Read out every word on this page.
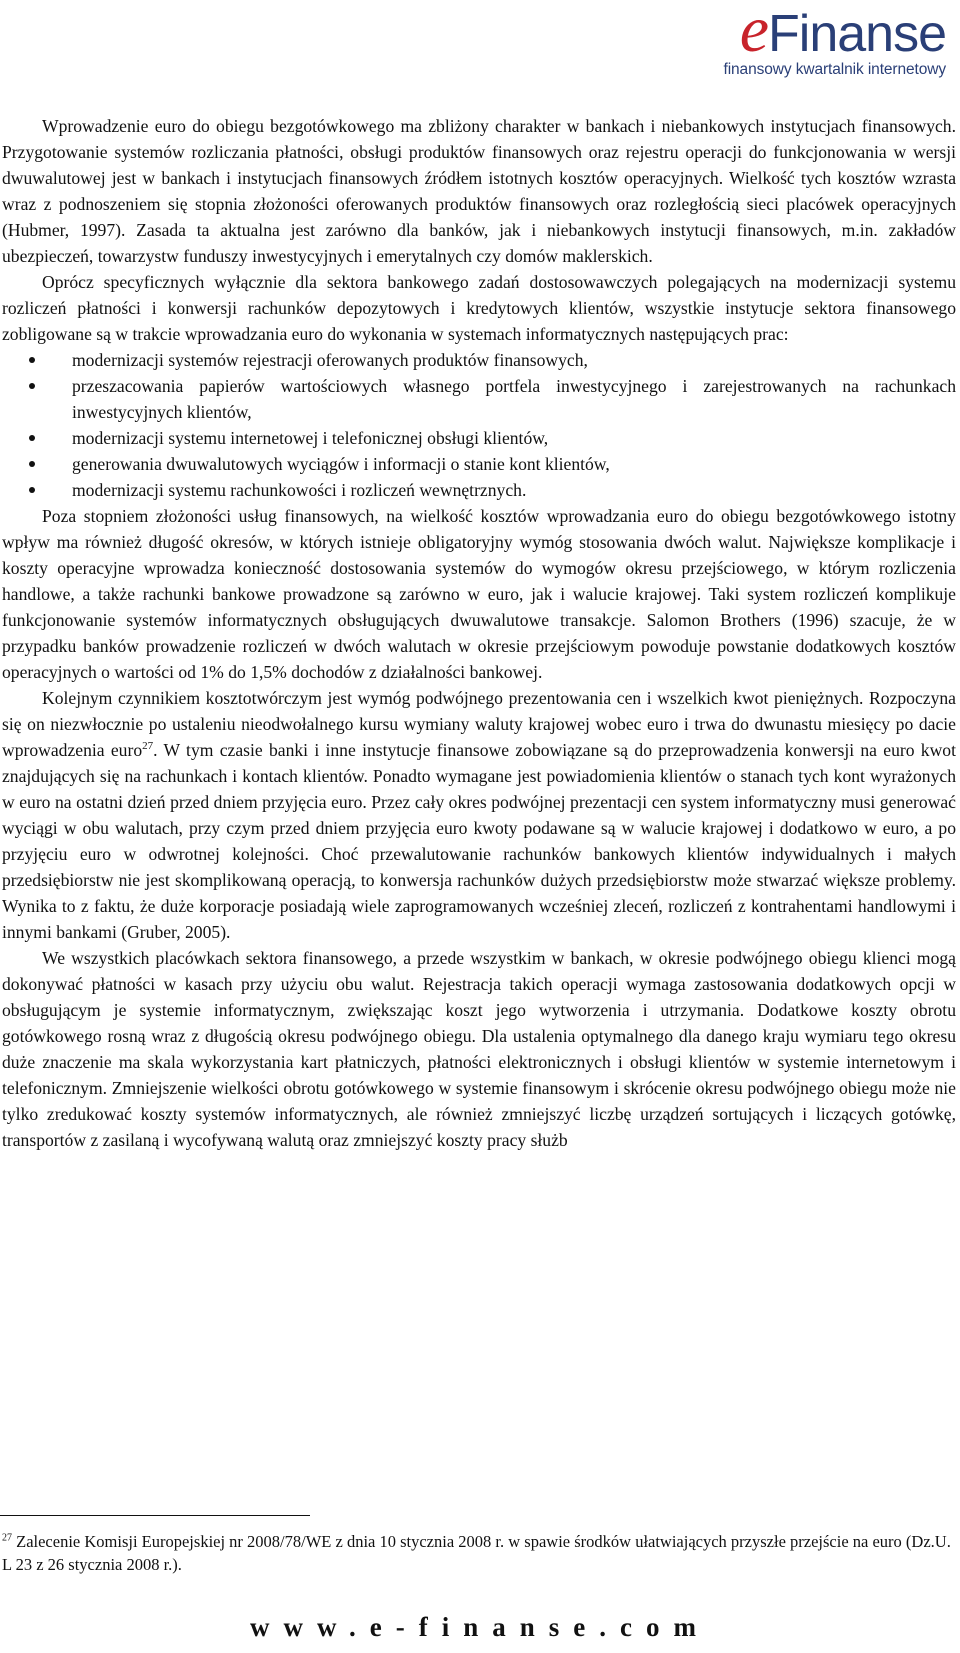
eFinanse
finansowy kwartalnik internetowy

Wprowadzenie euro do obiegu bezgotówkowego ma zbliżony charakter w bankach i niebankowych instytucjach finansowych. Przygotowanie systemów rozliczania płatności, obsługi produktów finansowych oraz rejestru operacji do funkcjonowania w wersji dwuwalutowej jest w bankach i instytucjach finansowych źródłem istotnych kosztów operacyjnych. Wielkość tych kosztów wzrasta wraz z podnoszeniem się stopnia złożoności oferowanych produktów finansowych oraz rozległością sieci placówek operacyjnych (Hubmer, 1997). Zasada ta aktualna jest zarówno dla banków, jak i niebankowych instytucji finansowych, m.in. zakładów ubezpieczeń, towarzystw funduszy inwestycyjnych i emerytalnych czy domów maklerskich.

Oprócz specyficznych wyłącznie dla sektora bankowego zadań dostosowawczych polegających na modernizacji systemu rozliczeń płatności i konwersji rachunków depozytowych i kredytowych klientów, wszystkie instytucje sektora finansowego zobligowane są w trakcie wprowadzania euro do wykonania w systemach informatycznych następujących prac:

modernizacji systemów rejestracji oferowanych produktów finansowych,
przeszacowania papierów wartościowych własnego portfela inwestycyjnego i zarejestrowanych na rachunkach inwestycyjnych klientów,
modernizacji systemu internetowej i telefonicznej obsługi klientów,
generowania dwuwalutowych wyciągów i informacji o stanie kont klientów,
modernizacji systemu rachunkowości i rozliczeń wewnętrznych.

Poza stopniem złożoności usług finansowych, na wielkość kosztów wprowadzania euro do obiegu bezgotówkowego istotny wpływ ma również długość okresów, w których istnieje obligatoryjny wymóg stosowania dwóch walut. Największe komplikacje i koszty operacyjne wprowadza konieczność dostosowania systemów do wymogów okresu przejściowego, w którym rozliczenia handlowe, a także rachunki bankowe prowadzone są zarówno w euro, jak i walucie krajowej. Taki system rozliczeń komplikuje funkcjonowanie systemów informatycznych obsługujących dwuwalutowe transakcje. Salomon Brothers (1996) szacuje, że w przypadku banków prowadzenie rozliczeń w dwóch walutach w okresie przejściowym powoduje powstanie dodatkowych kosztów operacyjnych o wartości od 1% do 1,5% dochodów z działalności bankowej.

Kolejnym czynnikiem kosztotwórczym jest wymóg podwójnego prezentowania cen i wszelkich kwot pieniężnych. Rozpoczyna się on niezwłocznie po ustaleniu nieodwołalnego kursu wymiany waluty krajowej wobec euro i trwa do dwunastu miesięcy po dacie wprowadzenia euro$^{27}$. W tym czasie banki i inne instytucje finansowe zobowiązane są do przeprowadzenia konwersji na euro kwot znajdujących się na rachunkach i kontach klientów. Ponadto wymagane jest powiadomienia klientów o stanach tych kont wyrażonych w euro na ostatni dzień przed dniem przyjęcia euro. Przez cały okres podwójnej prezentacji cen system informatyczny musi generować wyciągi w obu walutach, przy czym przed dniem przyjęcia euro kwoty podawane są w walucie krajowej i dodatkowo w euro, a po przyjęciu euro w odwrotnej kolejności. Choć przewalutowanie rachunków bankowych klientów indywidualnych i małych przedsiębiorstw nie jest skomplikowaną operacją, to konwersja rachunków dużych przedsiębiorstw może stwarzać większe problemy. Wynika to z faktu, że duże korporacje posiadają wiele zaprogramowanych wcześniej zleceń, rozliczeń z kontrahentami handlowymi i innymi bankami (Gruber, 2005).

We wszystkich placówkach sektora finansowego, a przede wszystkim w bankach, w okresie podwójnego obiegu klienci mogą dokonywać płatności w kasach przy użyciu obu walut. Rejestracja takich operacji wymaga zastosowania dodatkowych opcji w obsługującym je systemie informatycznym, zwiększając koszt jego wytworzenia i utrzymania. Dodatkowe koszty obrotu gotówkowego rosną wraz z długością okresu podwójnego obiegu. Dla ustalenia optymalnego dla danego kraju wymiaru tego okresu duże znaczenie ma skala wykorzystania kart płatniczych, płatności elektronicznych i obsługi klientów w systemie internetowym i telefonicznym. Zmniejszenie wielkości obrotu gotówkowego w systemie finansowym i skrócenie okresu podwójnego obiegu może nie tylko zredukować koszty systemów informatycznych, ale również zmniejszyć liczbę urządzeń sortujących i liczących gotówkę, transportów z zasilaną i wycofywaną walutą oraz zmniejszyć koszty pracy służb

$^{27}$ Zalecenie Komisji Europejskiej nr 2008/78/WE z dnia 10 stycznia 2008 r. w spawie środków ułatwiających przyszłe przejście na euro (Dz.U. L 23 z 26 stycznia 2008 r.).
www.e-finanse.com
